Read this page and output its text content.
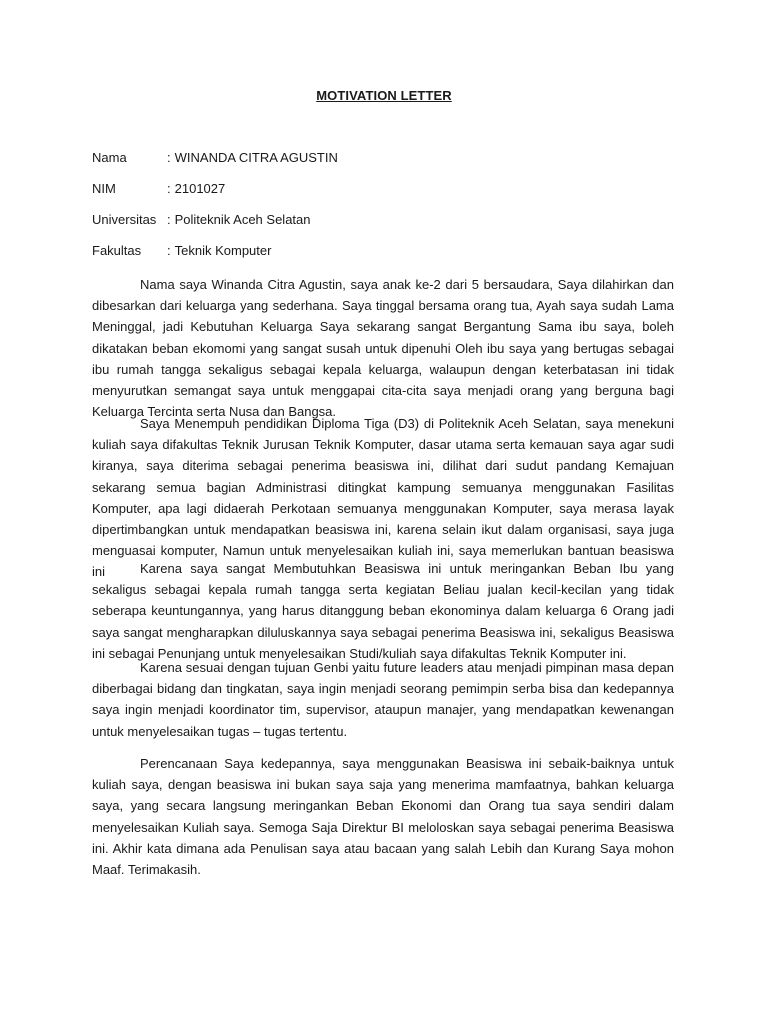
MOTIVATION LETTER
Nama	: WINANDA CITRA AGUSTIN
NIM	: 2101027
Universitas : Politeknik Aceh Selatan
Fakultas : Teknik Komputer

Nama saya Winanda Citra Agustin, saya anak ke-2 dari 5 bersaudara, Saya dilahirkan dan dibesarkan dari keluarga yang sederhana. Saya tinggal bersama orang tua, Ayah saya sudah Lama Meninggal, jadi Kebutuhan Keluarga Saya sekarang sangat Bergantung Sama ibu saya, boleh dikatakan beban ekomomi yang sangat susah untuk dipenuhi Oleh ibu saya yang bertugas sebagai ibu rumah tangga sekaligus sebagai kepala keluarga, walaupun dengan keterbatasan ini tidak menyurutkan semangat saya untuk menggapai cita-cita saya menjadi orang yang berguna bagi Keluarga Tercinta serta Nusa dan Bangsa.

Saya Menempuh pendidikan Diploma Tiga (D3) di Politeknik Aceh Selatan, saya menekuni kuliah saya difakultas Teknik Jurusan Teknik Komputer, dasar utama serta kemauan saya agar sudi kiranya, saya diterima sebagai penerima beasiswa ini, dilihat dari sudut pandang Kemajuan sekarang semua bagian Administrasi ditingkat kampung semuanya menggunakan Fasilitas Komputer, apa lagi didaerah Perkotaan semuanya menggunakan Komputer, saya merasa layak dipertimbangkan untuk mendapatkan beasiswa ini, karena selain ikut dalam organisasi, saya juga menguasai komputer, Namun untuk menyelesaikan kuliah ini, saya memerlukan bantuan beasiswa ini	Karena saya sangat Membutuhkan Beasiswa ini untuk meringankan Beban Ibu yang sekaligus sebagai kepala rumah tangga serta kegiatan Beliau jualan kecil-kecilan yang tidak seberapa keuntungannya, yang harus ditanggung beban ekonominya dalam keluarga 6 Orang jadi saya sangat mengharapkan diluluskannya saya sebagai penerima Beasiswa ini, sekaligus Beasiswa ini sebagai Penunjang untuk menyelesaikan Studi/kuliah saya difakultas Teknik Komputer ini.

Karena sesuai dengan tujuan Genbi yaitu future leaders atau menjadi pimpinan masa depan diberbagai bidang dan tingkatan, saya ingin menjadi seorang pemimpin serba bisa dan kedepannya saya ingin menjadi koordinator tim, supervisor, ataupun manajer, yang mendapatkan kewenangan untuk menyelesaikan tugas – tugas tertentu.

Perencanaan Saya kedepannya, saya menggunakan Beasiswa ini sebaik-baiknya untuk kuliah saya, dengan beasiswa ini bukan saya saja yang menerima mamfaatnya, bahkan keluarga saya, yang secara langsung meringankan Beban Ekonomi dan Orang tua saya sendiri dalam menyelesaikan Kuliah saya. Semoga Saja Direktur BI meloloskan saya sebagai penerima Beasiswa ini. Akhir kata dimana ada Penulisan saya atau bacaan yang salah Lebih dan Kurang Saya mohon Maaf. Terimakasih.
